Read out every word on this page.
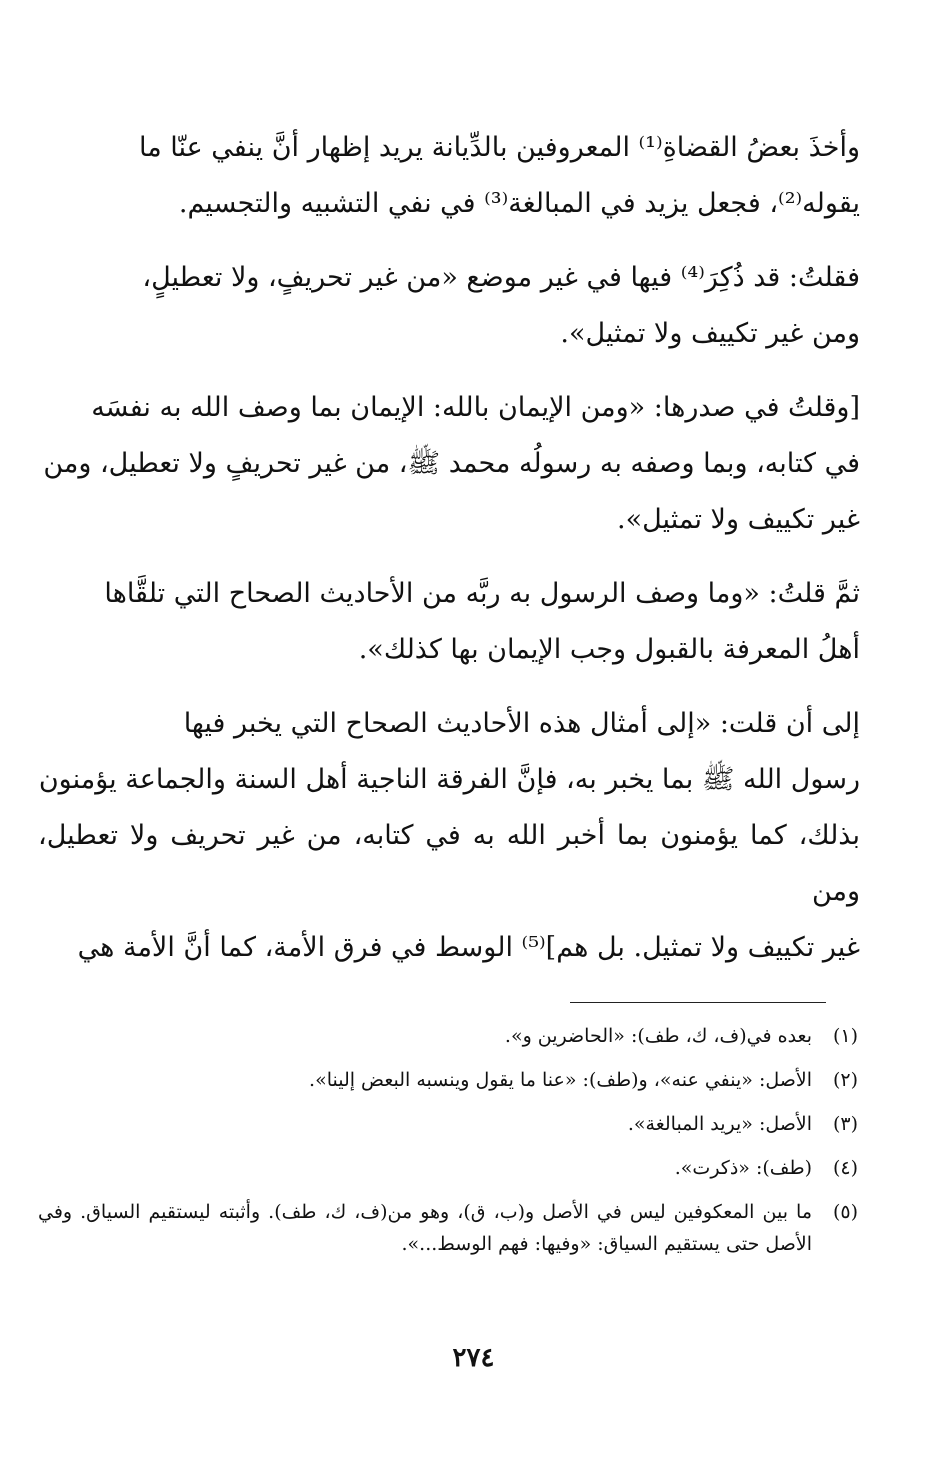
وأخذَ بعضُ القضاةِ⁽¹⁾ المعروفين بالدِّيانة يريد إظهار أنَّ ينفي عنّا ما
يقوله⁽²⁾، فجعل يزيد في المبالغة⁽³⁾ في نفي التشبيه والتجسيم.

فقلتُ: قد ذُكِرَ⁽⁴⁾ فيها في غير موضع «من غير تحريفٍ، ولا تعطيلٍ،
ومن غير تكييف ولا تمثيل».

[وقلتُ في صدرها: «ومن الإيمان بالله: الإيمان بما وصف الله به نفسَه
في كتابه، وبما وصفه به رسولُه محمد ﷺ، من غير تحريفٍ ولا تعطيل، ومن
غير تكييف ولا تمثيل».

ثمَّ قلتُ: «وما وصف الرسول به ربَّه من الأحاديث الصحاح التي تلقَّاها
أهلُ المعرفة بالقبول وجب الإيمان بها كذلك».

إلى أن قلت: «إلى أمثال هذه الأحاديث الصحاح التي يخبر فيها
رسول الله ﷺ بما يخبر به، فإنَّ الفرقة الناجية أهل السنة والجماعة يؤمنون
بذلك، كما يؤمنون بما أخبر الله به في كتابه، من غير تحريف ولا تعطيل، ومن
غير تكييف ولا تمثيل. بل هم]⁽⁵⁾ الوسط في فرق الأمة، كما أنَّ الأمة هي

(١)
بعده في(ف، ك، طف): «الحاضرين و».
(٢)
الأصل: «ينفي عنه»، و(طف): «عنا ما يقول وينسبه البعض إلينا».
(٣)
الأصل: «يريد المبالغة».
(٤)
(طف): «ذكرت».
(٥)
ما بين المعكوفين ليس في الأصل و(ب، ق)، وهو من(ف، ك، طف). وأثبته ليستقيم السياق. وفي الأصل حتى يستقيم السياق: «وفيها: فهم الوسط...».
٢٧٤
